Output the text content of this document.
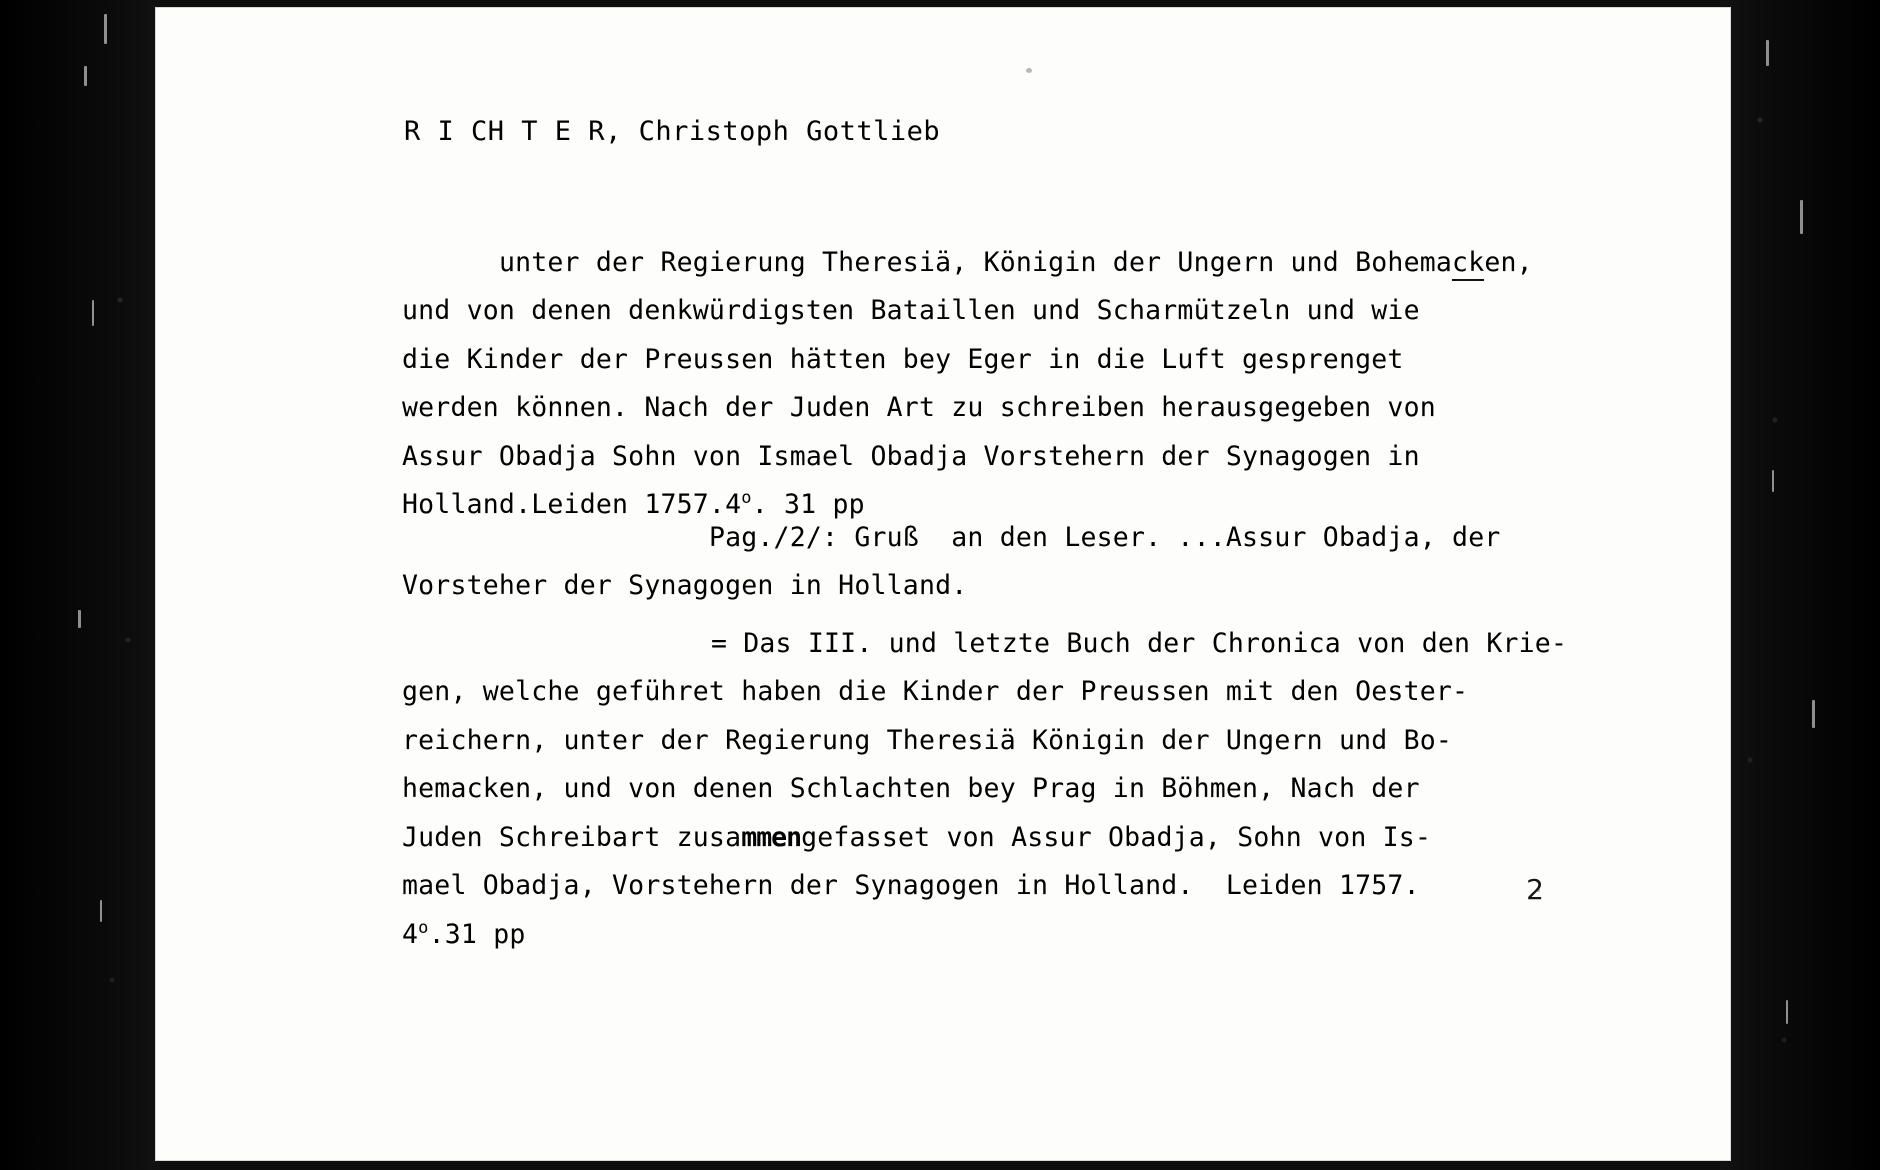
R I CH T E R, Christoph Gottlieb

unter der Regierung Theresiä, Königin der Ungern und Bohemacken,
und von denen denkwürdigsten Bataillen und Scharmützeln und wie
die Kinder der Preussen hätten bey Eger in die Luft gesprenget
werden können. Nach der Juden Art zu schreiben herausgegeben von
Assur Obadja Sohn von Ismael Obadja Vorstehern der Synagogen in
Holland.Leiden 1757.4$^o$. 31 pp

Pag./2/: Gruß  an den Leser. ...Assur Obadja, der
Vorsteher der Synagogen in Holland.

= Das III. und letzte Buch der Chronica von den Krie-
gen, welche geführet haben die Kinder der Preussen mit den Oester-
reichern, unter der Regierung Theresiä Königin der Ungern und Bo-
hemacken, und von denen Schlachten bey Prag in Böhmen, Nach der
Juden Schreibart zusammengefasset von Assur Obadja, Sohn von Is-
mael Obadja, Vorstehern der Synagogen in Holland.  Leiden 1757.
4$^o$.31 pp

2
